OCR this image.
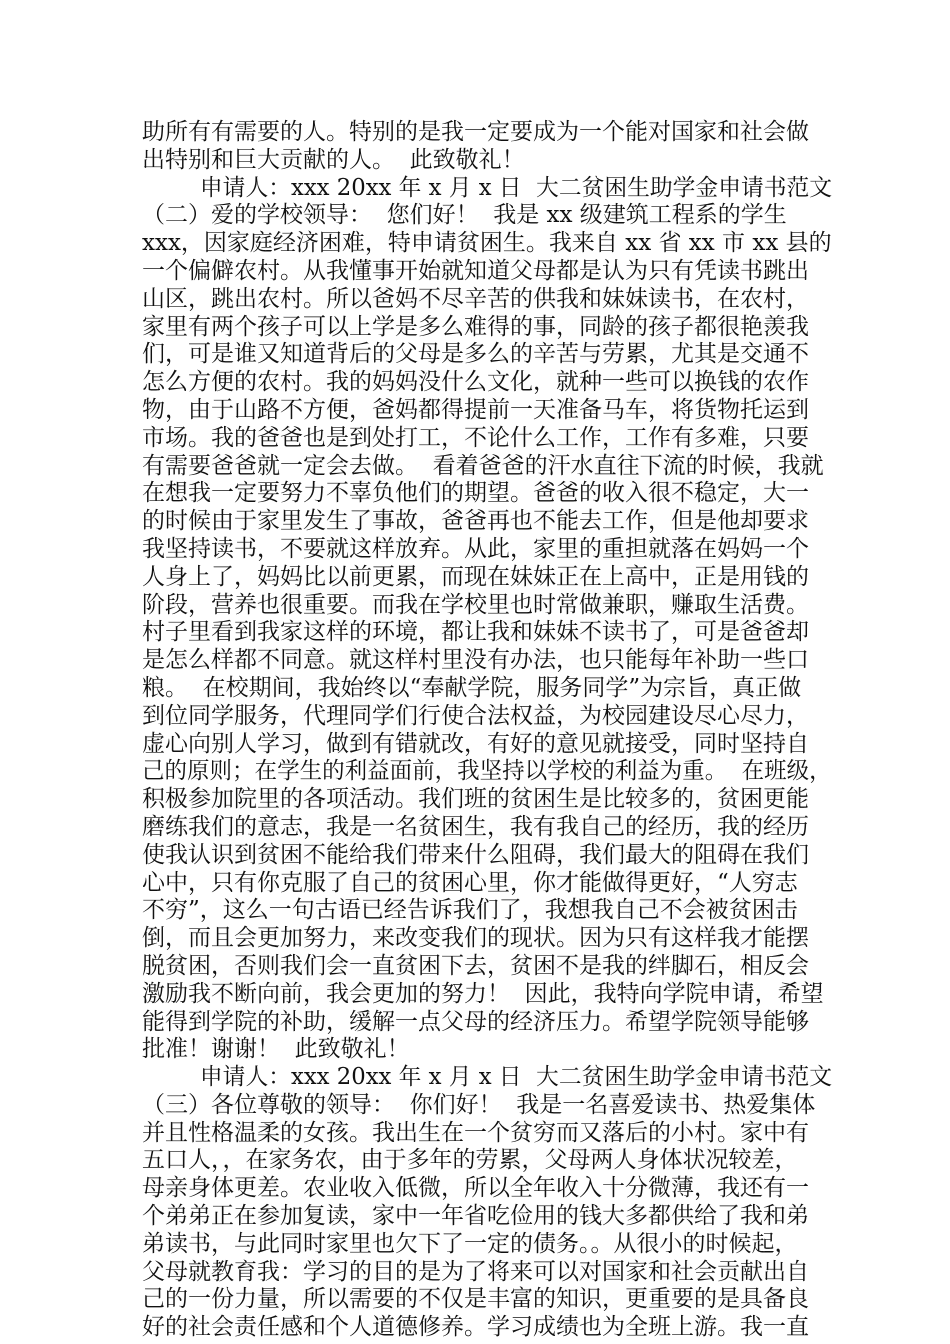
助所有有需要的人。特别的是我一定要成为一个能对国家和社会做
出特别和巨大贡献的人。  此致敬礼！
申请人：xxx 20xx 年 x 月 x 日  大二贫困生助学金申请书范文
（二）爱的学校领导：  您们好！  我是 xx 级建筑工程系的学生
xxx，因家庭经济困难，特申请贫困生。我来自 xx 省 xx 市 xx 县的
一个偏僻农村。从我懂事开始就知道父母都是认为只有凭读书跳出
山区，跳出农村。所以爸妈不尽辛苦的供我和妹妹读书，在农村，
家里有两个孩子可以上学是多么难得的事，同龄的孩子都很艳羡我
们，可是谁又知道背后的父母是多么的辛苦与劳累，尤其是交通不
怎么方便的农村。我的妈妈没什么文化，就种一些可以换钱的农作
物，由于山路不方便，爸妈都得提前一天准备马车，将货物托运到
市场。我的爸爸也是到处打工，不论什么工作，工作有多难，只要
有需要爸爸就一定会去做。  看着爸爸的汗水直往下流的时候，我就
在想我一定要努力不辜负他们的期望。爸爸的收入很不稳定，大一
的时候由于家里发生了事故，爸爸再也不能去工作，但是他却要求
我坚持读书，不要就这样放弃。从此，家里的重担就落在妈妈一个
人身上了，妈妈比以前更累，而现在妹妹正在上高中，正是用钱的
阶段，营养也很重要。而我在学校里也时常做兼职，赚取生活费。
村子里看到我家这样的环境，都让我和妹妹不读书了，可是爸爸却
是怎么样都不同意。就这样村里没有办法，也只能每年补助一些口
粮。  在校期间，我始终以“奉献学院，服务同学”为宗旨，真正做
到位同学服务，代理同学们行使合法权益，为校园建设尽心尽力，
虚心向别人学习，做到有错就改，有好的意见就接受，同时坚持自
己的原则；在学生的利益面前，我坚持以学校的利益为重。  在班级，
积极参加院里的各项活动。我们班的贫困生是比较多的，贫困更能
磨练我们的意志，我是一名贫困生，我有我自己的经历，我的经历
使我认识到贫困不能给我们带来什么阻碍，我们最大的阻碍在我们
心中，只有你克服了自己的贫困心里，你才能做得更好，“人穷志
不穷”，这么一句古语已经告诉我们了，我想我自己不会被贫困击
倒，而且会更加努力，来改变我们的现状。因为只有这样我才能摆
脱贫困，否则我们会一直贫困下去，贫困不是我的绊脚石，相反会
激励我不断向前，我会更加的努力！  因此，我特向学院申请，希望
能得到学院的补助，缓解一点父母的经济压力。希望学院领导能够
批准！谢谢！  此致敬礼！
申请人：xxx 20xx 年 x 月 x 日  大二贫困生助学金申请书范文
（三）各位尊敬的领导：  你们好！  我是一名喜爱读书、热爱集体
并且性格温柔的女孩。我出生在一个贫穷而又落后的小村。家中有
五口人，，在家务农，由于多年的劳累，父母两人身体状况较差，
母亲身体更差。农业收入低微，所以全年收入十分微薄，我还有一
个弟弟正在参加复读，家中一年省吃俭用的钱大多都供给了我和弟
弟读书，与此同时家里也欠下了一定的债务。。从很小的时候起，
父母就教育我：学习的目的是为了将来可以对国家和社会贡献出自
己的一份力量，所以需要的不仅是丰富的知识，更重要的是具备良
好的社会责任感和个人道德修养。学习成绩也为全班上游。我一直
